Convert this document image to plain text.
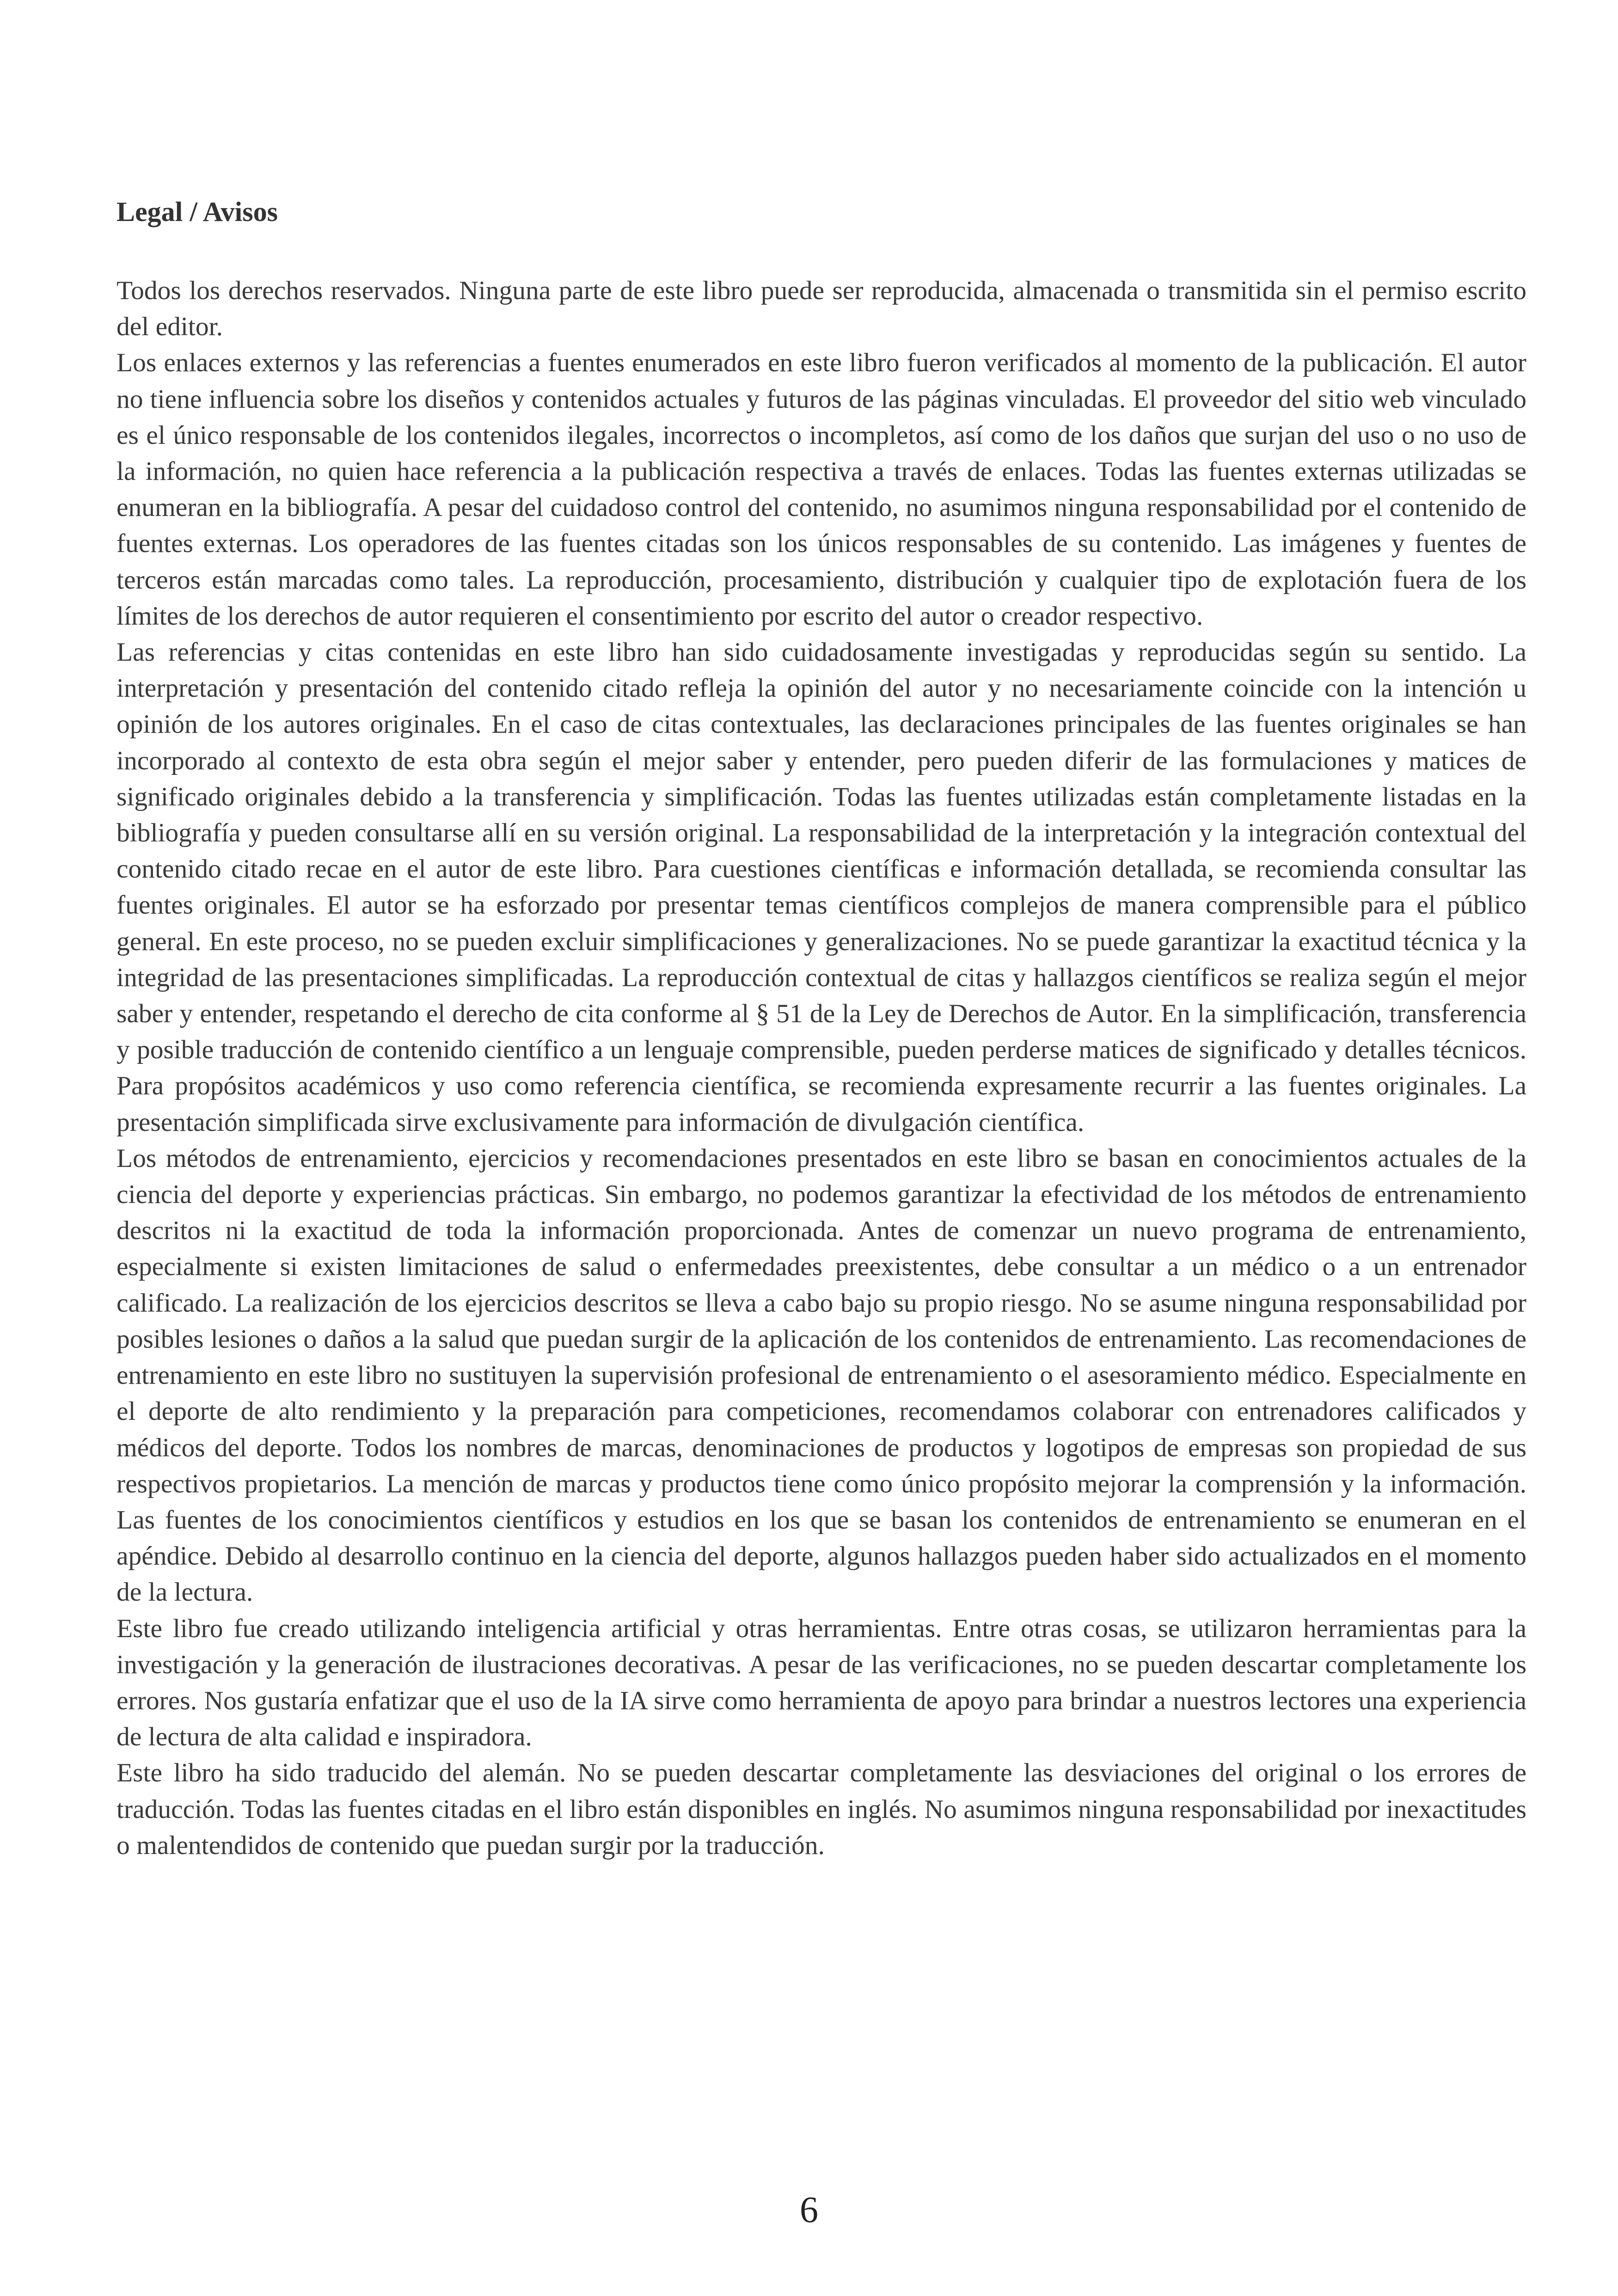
Legal / Avisos

Todos los derechos reservados. Ninguna parte de este libro puede ser reproducida, almacenada o transmitida sin el permiso escrito del editor.

Los enlaces externos y las referencias a fuentes enumerados en este libro fueron verificados al momento de la publicación. El autor no tiene influencia sobre los diseños y contenidos actuales y futuros de las páginas vinculadas. El proveedor del sitio web vinculado es el único responsable de los contenidos ilegales, incorrectos o incompletos, así como de los daños que surjan del uso o no uso de la información, no quien hace referencia a la publicación respectiva a través de enlaces. Todas las fuentes externas utilizadas se enumeran en la bibliografía. A pesar del cuidadoso control del contenido, no asumimos ninguna responsabilidad por el contenido de fuentes externas. Los operadores de las fuentes citadas son los únicos responsables de su contenido. Las imágenes y fuentes de terceros están marcadas como tales. La reproducción, procesamiento, distribución y cualquier tipo de explotación fuera de los límites de los derechos de autor requieren el consentimiento por escrito del autor o creador respectivo.

Las referencias y citas contenidas en este libro han sido cuidadosamente investigadas y reproducidas según su sentido. La interpretación y presentación del contenido citado refleja la opinión del autor y no necesariamente coincide con la intención u opinión de los autores originales. En el caso de citas contextuales, las declaraciones principales de las fuentes originales se han incorporado al contexto de esta obra según el mejor saber y entender, pero pueden diferir de las formulaciones y matices de significado originales debido a la transferencia y simplificación. Todas las fuentes utilizadas están completamente listadas en la bibliografía y pueden consultarse allí en su versión original. La responsabilidad de la interpretación y la integración contextual del contenido citado recae en el autor de este libro. Para cuestiones científicas e información detallada, se recomienda consultar las fuentes originales. El autor se ha esforzado por presentar temas científicos complejos de manera comprensible para el público general. En este proceso, no se pueden excluir simplificaciones y generalizaciones. No se puede garantizar la exactitud técnica y la integridad de las presentaciones simplificadas. La reproducción contextual de citas y hallazgos científicos se realiza según el mejor saber y entender, respetando el derecho de cita conforme al § 51 de la Ley de Derechos de Autor. En la simplificación, transferencia y posible traducción de contenido científico a un lenguaje comprensible, pueden perderse matices de significado y detalles técnicos. Para propósitos académicos y uso como referencia científica, se recomienda expresamente recurrir a las fuentes originales. La presentación simplificada sirve exclusivamente para información de divulgación científica.

Los métodos de entrenamiento, ejercicios y recomendaciones presentados en este libro se basan en conocimientos actuales de la ciencia del deporte y experiencias prácticas. Sin embargo, no podemos garantizar la efectividad de los métodos de entrenamiento descritos ni la exactitud de toda la información proporcionada. Antes de comenzar un nuevo programa de entrenamiento, especialmente si existen limitaciones de salud o enfermedades preexistentes, debe consultar a un médico o a un entrenador calificado. La realización de los ejercicios descritos se lleva a cabo bajo su propio riesgo. No se asume ninguna responsabilidad por posibles lesiones o daños a la salud que puedan surgir de la aplicación de los contenidos de entrenamiento. Las recomendaciones de entrenamiento en este libro no sustituyen la supervisión profesional de entrenamiento o el asesoramiento médico. Especialmente en el deporte de alto rendimiento y la preparación para competiciones, recomendamos colaborar con entrenadores calificados y médicos del deporte. Todos los nombres de marcas, denominaciones de productos y logotipos de empresas son propiedad de sus respectivos propietarios. La mención de marcas y productos tiene como único propósito mejorar la comprensión y la información. Las fuentes de los conocimientos científicos y estudios en los que se basan los contenidos de entrenamiento se enumeran en el apéndice. Debido al desarrollo continuo en la ciencia del deporte, algunos hallazgos pueden haber sido actualizados en el momento de la lectura.

Este libro fue creado utilizando inteligencia artificial y otras herramientas. Entre otras cosas, se utilizaron herramientas para la investigación y la generación de ilustraciones decorativas. A pesar de las verificaciones, no se pueden descartar completamente los errores. Nos gustaría enfatizar que el uso de la IA sirve como herramienta de apoyo para brindar a nuestros lectores una experiencia de lectura de alta calidad e inspiradora.

Este libro ha sido traducido del alemán. No se pueden descartar completamente las desviaciones del original o los errores de traducción. Todas las fuentes citadas en el libro están disponibles en inglés. No asumimos ninguna responsabilidad por inexactitudes o malentendidos de contenido que puedan surgir por la traducción.

6
